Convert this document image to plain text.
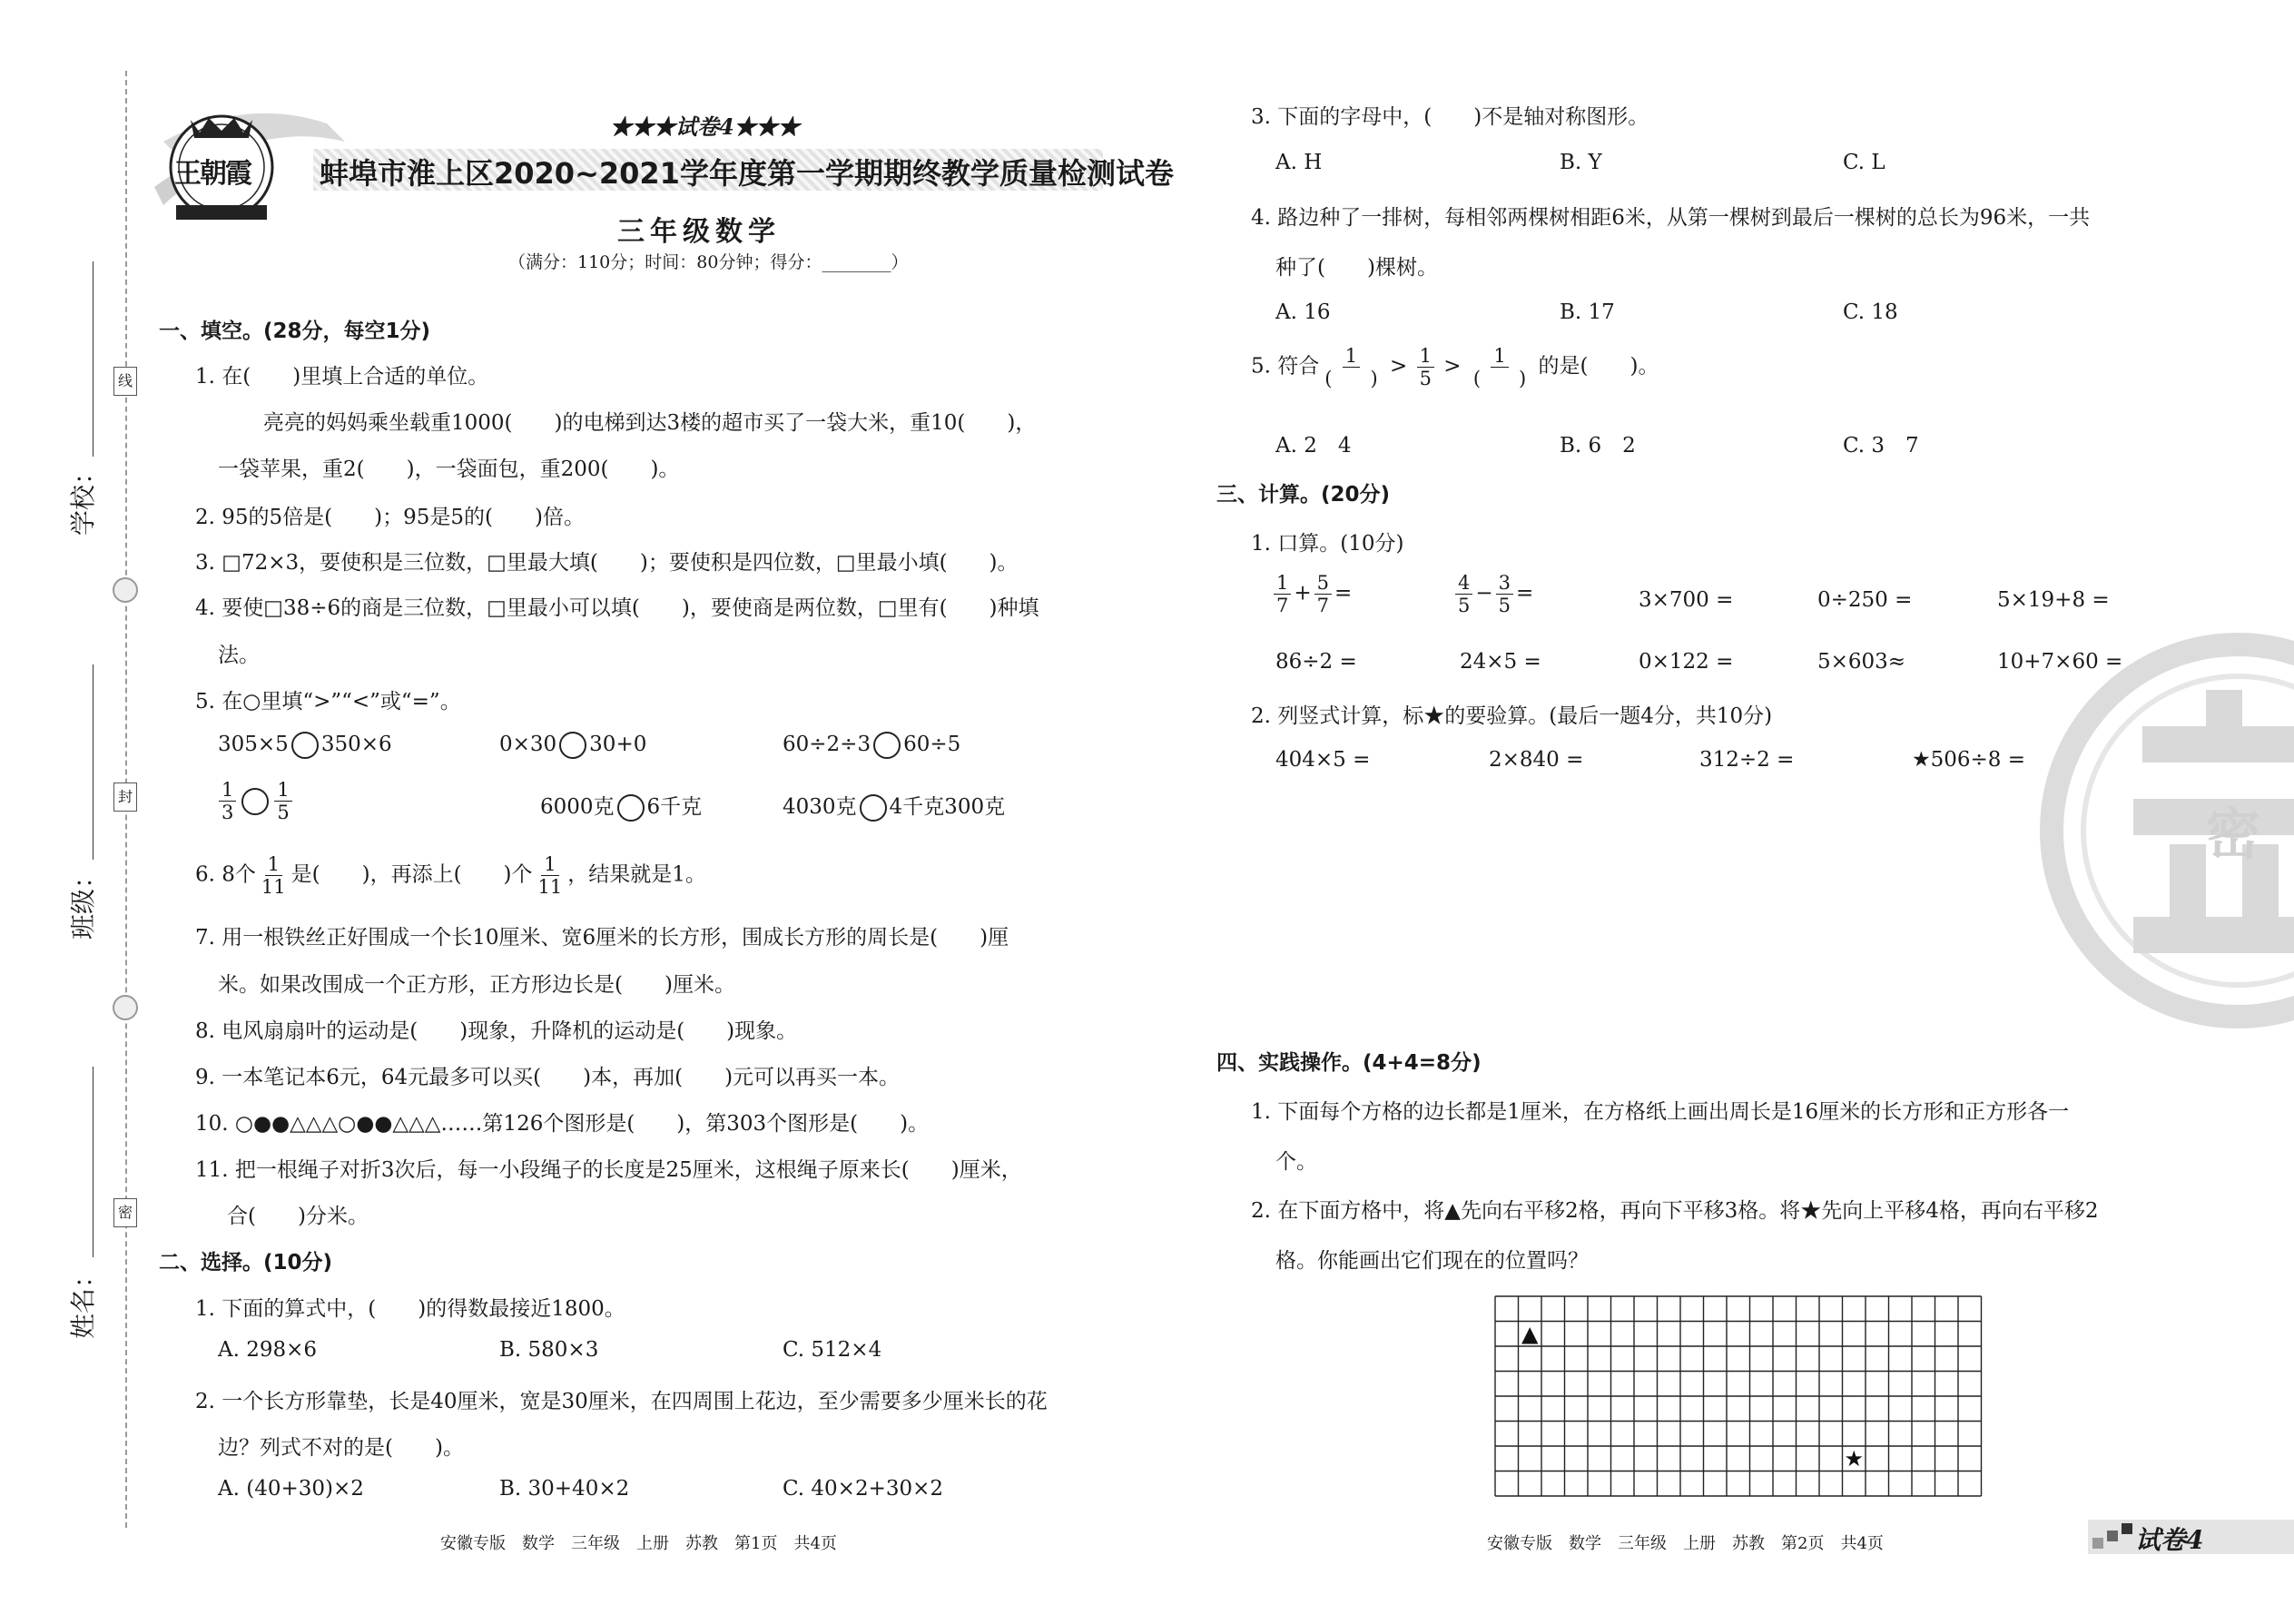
线
封
密
学校：
班级：
姓名：
王朝霞
★★★试卷4★★★
蚌埠市淮上区2020~2021学年度第一学期期终教学质量检测试卷
三年级数学
（满分：110分；时间：80分钟；得分：________）
一、填空。(28分，每空1分)
1. 在(　　)里填上合适的单位。
亮亮的妈妈乘坐载重1000(　　)的电梯到达3楼的超市买了一袋大米，重10(　　)，
一袋苹果，重2(　　)，一袋面包，重200(　　)。
2. 95的5倍是(　　)；95是5的(　　)倍。
3. □72×3，要使积是三位数，□里最大填(　　)；要使积是四位数，□里最小填(　　)。
4. 要使□38÷6的商是三位数，□里最小可以填(　　)，要使商是两位数，□里有(　　)种填
法。
5. 在○里填“>”“<”或“=”。
305×5 350×6	0×30 30+0	60÷2÷3 60÷5
$\frac{1}{3} \frac{1}{5}$	6000克 6千克	4030克 4千克300克
6. 8个 $\frac{1}{11}$ 是(　　)，再添上(　　)个 $\frac{1}{11}$ ，结果就是1。
7. 用一根铁丝正好围成一个长10厘米、宽6厘米的长方形，围成长方形的周长是(　　)厘
米。如果改围成一个正方形，正方形边长是(　　)厘米。
8. 电风扇扇叶的运动是(　　)现象，升降机的运动是(　　)现象。
9. 一本笔记本6元，64元最多可以买(　　)本，再加(　　)元可以再买一本。
10. ○●●△△△○●●△△△……第126个图形是(　　)，第303个图形是(　　)。
11. 把一根绳子对折3次后，每一小段绳子的长度是25厘米，这根绳子原来长(　　)厘米，
合(　　)分米。
二、选择。(10分)
1. 下面的算式中，(　　)的得数最接近1800。
A. 298×6	B. 580×3	C. 512×4
2. 一个长方形靠垫，长是40厘米，宽是30厘米，在四周围上花边，至少需要多少厘米长的花
边？列式不对的是(　　)。
A. (40+30)×2	B. 30+40×2	C. 40×2+30×2
安徽专版　数学　三年级　上册　苏教　第1页　共4页
3. 下面的字母中，(　　)不是轴对称图形。
A. H	B. Y	C. L
4. 路边种了一排树，每相邻两棵树相距6米，从第一棵树到最后一棵树的总长为96米，一共
种了(　　)棵树。
A. 16	B. 17	C. 18
5. 符合 $\frac{1}{( )} > \frac{1}{5} > \frac{1}{( )}$ 的是(　　)。
A. 2　4	B. 6　2	C. 3　7
三、计算。(20分)
1. 口算。(10分)
$\frac{1}{7} + \frac{5}{7}$ =	$\frac{4}{5} - \frac{3}{5}$ =	3×700 =	0÷250 =	5×19+8 =
86÷2 =	24×5 =	0×122 =	5×603≈	10+7×60 =
2. 列竖式计算，标★的要验算。(最后一题4分，共10分)
404×5 =	2×840 =	312÷2 =	★506÷8 =
密
四、实践操作。(4+4=8分)
1. 下面每个方格的边长都是1厘米，在方格纸上画出周长是16厘米的长方形和正方形各一
个。
2. 在下面方格中，将▲先向右平移2格，再向下平移3格。将★先向上平移4格，再向右平移2
格。你能画出它们现在的位置吗？
▲
★
安徽专版　数学　三年级　上册　苏教　第2页　共4页	试卷4
